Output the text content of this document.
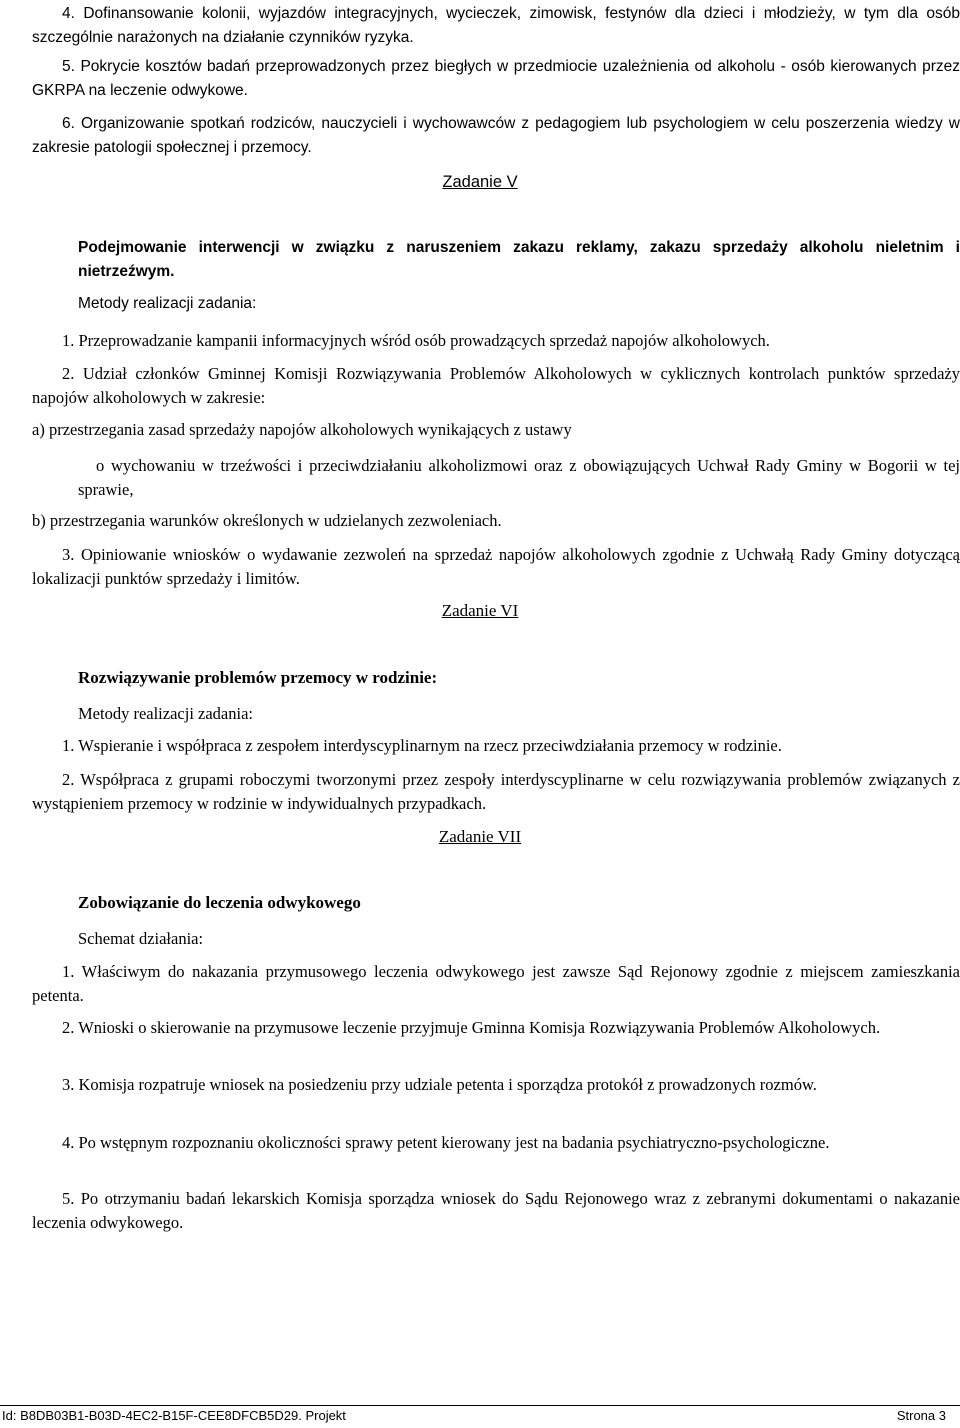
4. Dofinansowanie kolonii, wyjazdów integracyjnych, wycieczek, zimowisk, festynów dla dzieci i młodzieży, w tym dla osób szczególnie narażonych na działanie czynników ryzyka.

5. Pokrycie kosztów badań przeprowadzonych przez biegłych w przedmiocie uzależnienia od alkoholu - osób kierowanych przez GKRPA na leczenie odwykowe.

6. Organizowanie spotkań rodziców, nauczycieli i wychowawców z pedagogiem lub psychologiem w celu poszerzenia wiedzy w zakresie patologii społecznej i przemocy.

Zadanie V

Podejmowanie interwencji w związku z naruszeniem zakazu reklamy, zakazu sprzedaży alkoholu nieletnim i nietrzeźwym.

Metody realizacji zadania:

1. Przeprowadzanie kampanii informacyjnych wśród osób prowadzących sprzedaż napojów alkoholowych.

2. Udział członków Gminnej Komisji Rozwiązywania Problemów Alkoholowych w cyklicznych kontrolach punktów sprzedaży napojów alkoholowych w zakresie:

a) przestrzegania zasad sprzedaży napojów alkoholowych wynikających z ustawy

o wychowaniu w trzeźwości i przeciwdziałaniu alkoholizmowi oraz z obowiązujących Uchwał Rady Gminy w Bogorii w tej sprawie,

b) przestrzegania warunków określonych w udzielanych zezwoleniach.

3. Opiniowanie wniosków o wydawanie zezwoleń na sprzedaż napojów alkoholowych zgodnie z Uchwałą Rady Gminy dotyczącą lokalizacji punktów sprzedaży i limitów.

Zadanie VI

Rozwiązywanie problemów przemocy w rodzinie:

Metody realizacji zadania:

1. Wspieranie i współpraca z zespołem interdyscyplinarnym na rzecz przeciwdziałania przemocy w rodzinie.

2. Współpraca z grupami roboczymi tworzonymi przez zespoły interdyscyplinarne w celu rozwiązywania problemów związanych z wystąpieniem przemocy w rodzinie w indywidualnych przypadkach.

Zadanie VII

Zobowiązanie do leczenia odwykowego

Schemat działania:

1. Właściwym do nakazania przymusowego leczenia odwykowego jest zawsze Sąd Rejonowy zgodnie z miejscem zamieszkania petenta.

2. Wnioski o skierowanie na przymusowe leczenie przyjmuje Gminna Komisja Rozwiązywania Problemów Alkoholowych.

3. Komisja rozpatruje wniosek na posiedzeniu przy udziale petenta i sporządza protokół z prowadzonych rozmów.

4. Po wstępnym rozpoznaniu okoliczności sprawy petent kierowany jest na badania psychiatryczno-psychologiczne.

5. Po otrzymaniu badań lekarskich Komisja sporządza wniosek do Sądu Rejonowego wraz z zebranymi dokumentami o nakazanie leczenia odwykowego.

Id: B8DB03B1-B03D-4EC2-B15F-CEE8DFCB5D29. Projekt	Strona 3
